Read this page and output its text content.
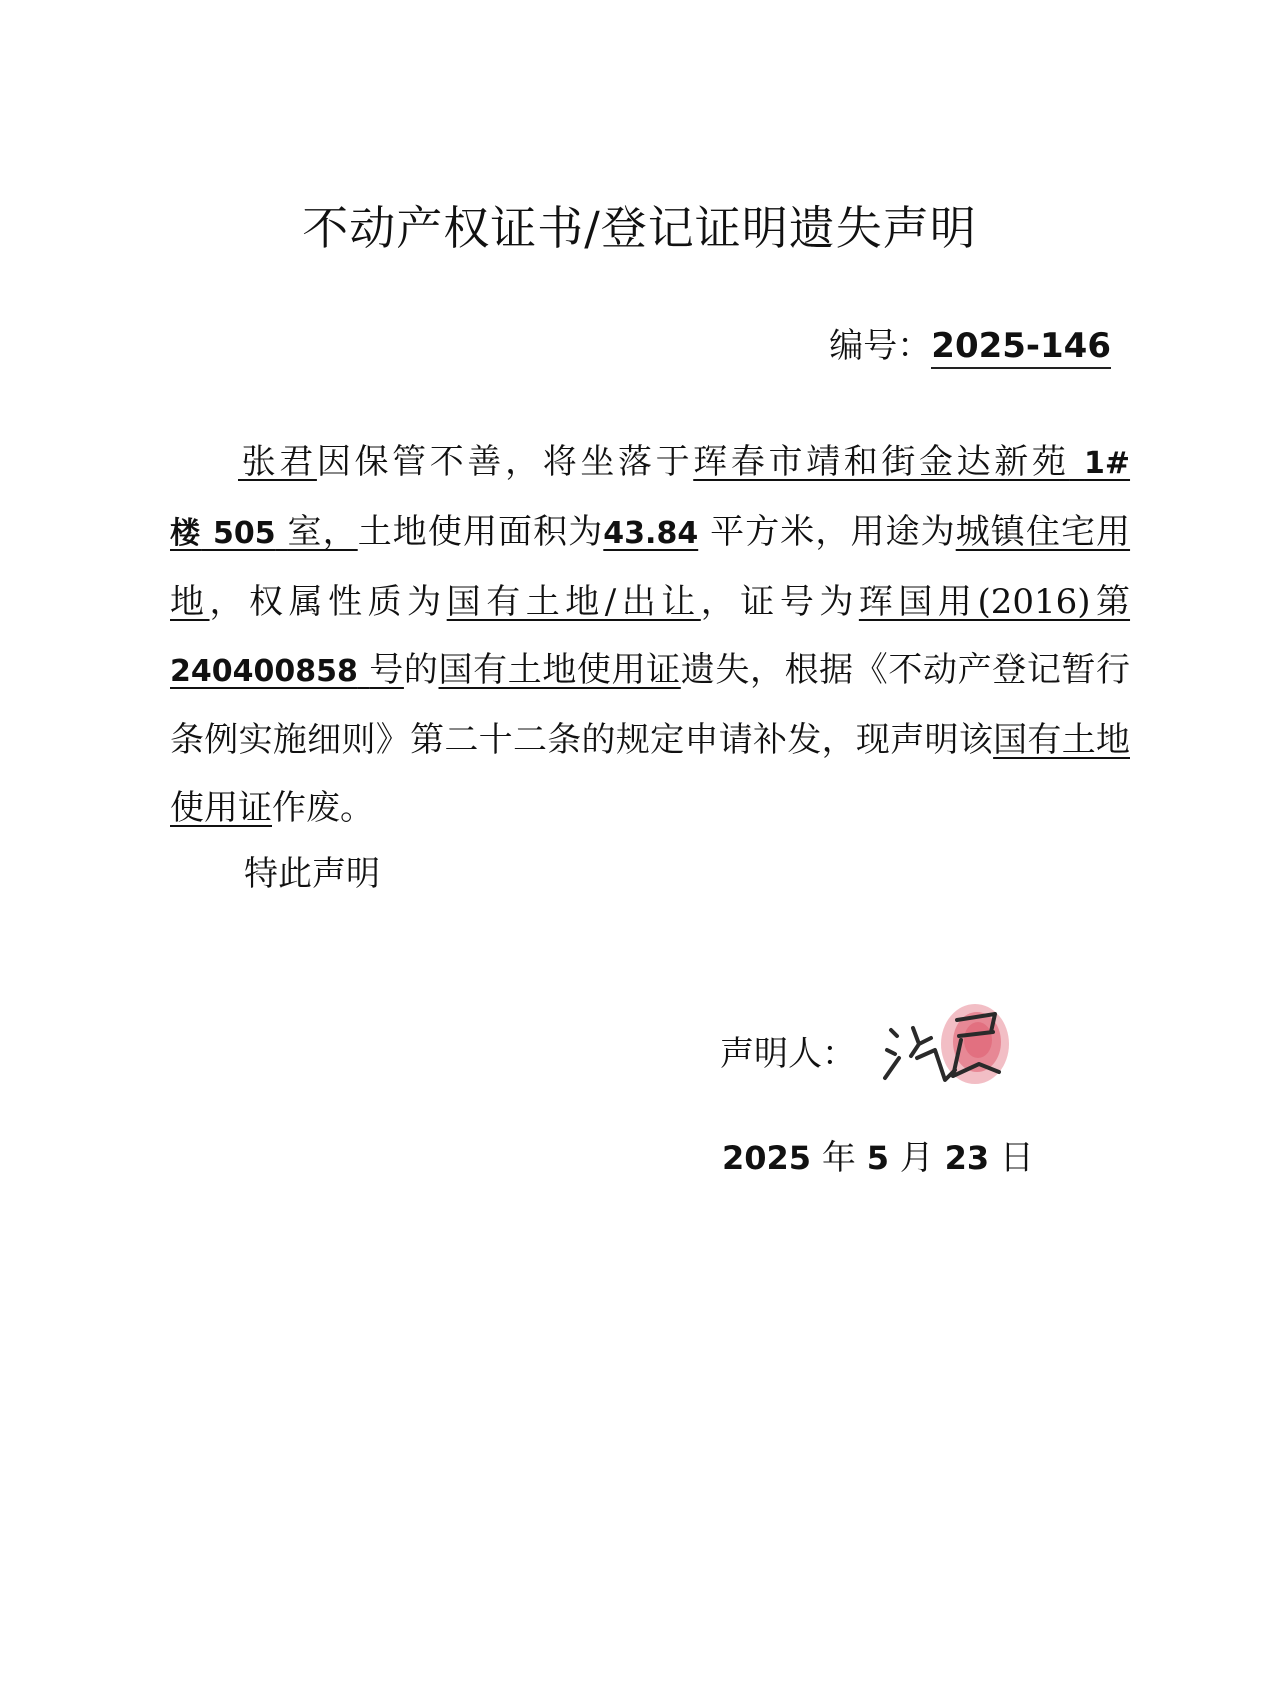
不动产权证书/登记证明遗失声明
编号：2025-146
张君因保管不善，将坐落于珲春市靖和街金达新苑 1#楼 505 室，土地使用面积为43.84 平方米，用途为城镇住宅用地，权属性质为国有土地/出让，证号为珲国用(2016)第240400858 号的国有土地使用证遗失，根据《不动产登记暂行条例实施细则》第二十二条的规定申请补发，现声明该国有土地使用证作废。
特此声明
声明人：
2025 年 5 月 23 日
